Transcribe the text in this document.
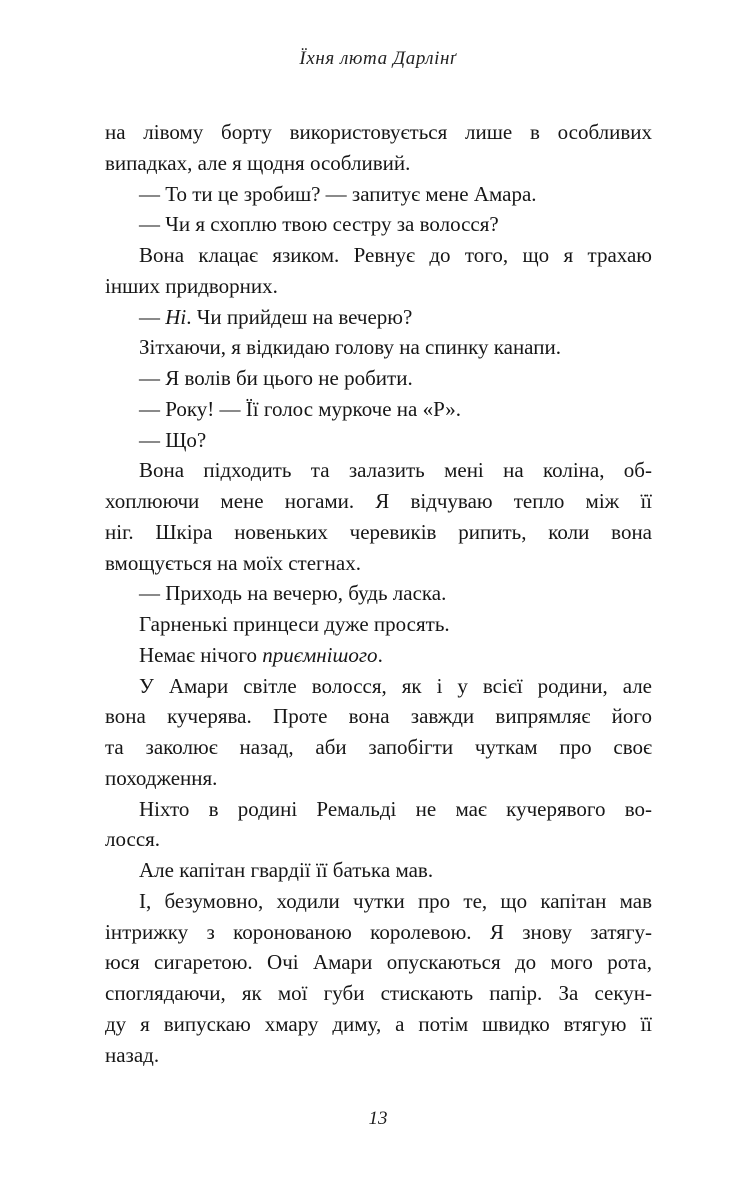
Їхня люта Дарлінґ
на лівому борту використовується лише в особливих
випадках, але я щодня особливий.
— То ти це зробиш? — запитує мене Амара.
— Чи я схоплю твою сестру за волосся?
Вона клацає язиком. Ревнує до того, що я трахаю
інших придворних.
— Ні. Чи прийдеш на вечерю?
Зітхаючи, я відкидаю голову на спинку канапи.
— Я волів би цього не робити.
— Року! — Її голос муркоче на «Р».
— Що?
Вона підходить та залазить мені на коліна, об-
хоплюючи мене ногами. Я відчуваю тепло між її
ніг. Шкіра новеньких черевиків рипить, коли вона
вмощується на моїх стегнах.
— Приходь на вечерю, будь ласка.
Гарненькі принцеси дуже просять.
Немає нічого приємнішого.
У Амари світле волосся, як і у всієї родини, але
вона кучерява. Проте вона завжди випрямляє його
та заколює назад, аби запобігти чуткам про своє
походження.
Ніхто в родині Ремальді не має кучерявого во-
лосся.
Але капітан гвардії її батька мав.
І, безумовно, ходили чутки про те, що капітан мав
інтрижку з коронованою королевою. Я знову затягу-
юся сигаретою. Очі Амари опускаються до мого рота,
споглядаючи, як мої губи стискають папір. За секун-
ду я випускаю хмару диму, а потім швидко втягую її
назад.
13
